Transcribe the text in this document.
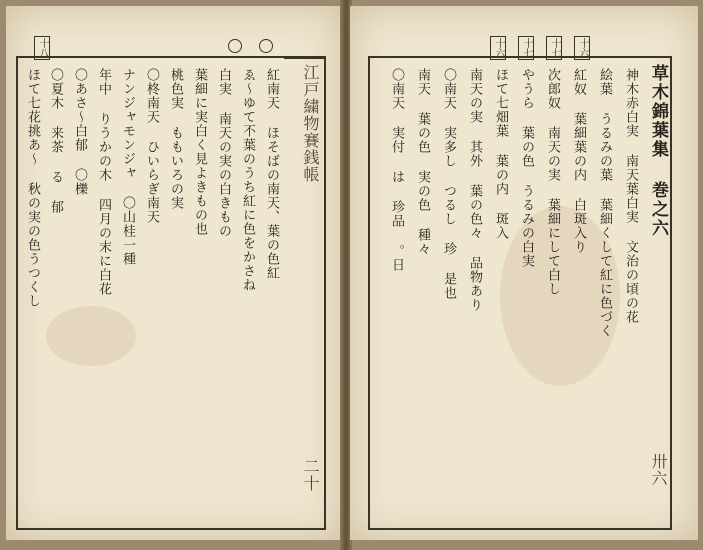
十八
江戸繍物賽銭帳
二十
紅南天 ほそばの南天、葉の色紅
ゑ〜ゆて不葉のうち紅に色をかさね
白実 南天の実の白きもの
葉細に実白く見よきもの也
桃色実 ももいろの実
〇柊南天 ひいらぎ南天
ナンジャモンジャ 〇山桂一種
年中 りうかの木 四月の末に白花
〇あさ〜白郁 〇櫟
〇夏木 来茶 る 郁
ほて七花挑あ〜 秋の実の色うつくし
十六	十七	十七	十六
草木錦葉集 巻之六
卅六
神木赤白実 南天葉白実 文治の頃の花
絵葉 うるみの葉 葉細くして紅に色づく
紅奴 葉細葉の内 白斑入り
次郎奴 南天の実 葉細にして白し
やうら 葉の色 うるみの白実
ほて七畑葉 葉の内 斑入
南天の実 其外 葉の色々 品物あり
〇南天 実多し つるし 珍 是也
南天 葉の色 実の色 種々
〇南天 実付 は 珍品 。日
